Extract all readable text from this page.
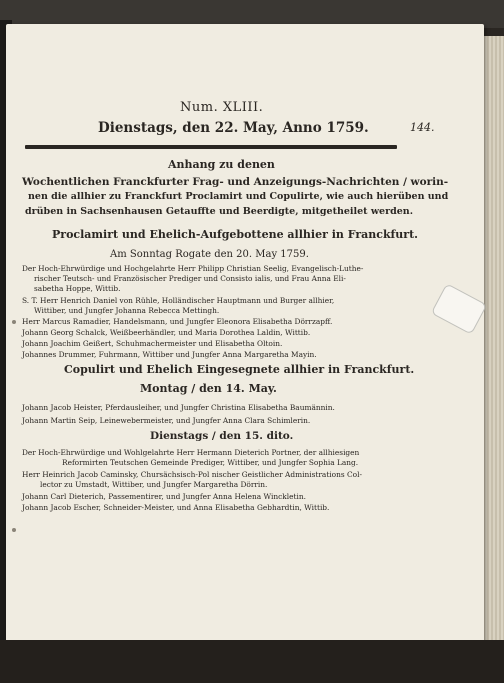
Num. XLIII.
Dienstags, den 22. May, Anno 1759.	144.
Anhang zu denen
Wochentlichen Franckfurter Frag- und Anzeigungs-Nachrichten / worin-
nen die allhier zu Franckfurt Proclamirt und Copulirte, wie auch hierüben und
drüben in Sachsenhausen Getauffte und Beerdigte, mitgetheilet werden.
Proclamirt und Ehelich-Aufgebottene allhier in Franckfurt.
Am Sonntag Rogate den 20. May 1759.
Der Hoch-Ehrwürdige und Hochgelahrte Herr Philipp Christian Seelig, Evangelisch-Luthe-
rischer Teutsch- und Französischer Prediger und Consisto ialis, und Frau Anna Eli-
sabetha Hoppe, Wittib.
S. T. Herr Henrich Daniel von Rühle, Holländischer Hauptmann und Burger allhier,
Wittiber, und Jungfer Johanna Rebecca Mettingh.
Herr Marcus Ramadier, Handelsmann, und Jungfer Eleonora Elisabetha Dörrzapff.
Johann Georg Schalck, Weißbeerhändler, und Maria Dorothea Laldin, Wittib.
Johann Joachim Geißert, Schuhmachermeister und Elisabetha Oltoin.
Johannes Drummer, Fuhrmann, Wittiber und Jungfer Anna Margaretha Mayin.
Copulirt und Ehelich Eingesegnete allhier in Franckfurt.
Montag / den 14. May.
Johann Jacob Heister, Pferdausleiher, und Jungfer Christina Elisabetha Baumännin.
Johann Martin Seip, Leinewebermeister, und Jungfer Anna Clara Schimlerin.
Dienstags / den 15. dito.
Der Hoch-Ehrwürdige und Wohlgelahrte Herr Hermann Dieterich Portner, der allhiesigen
Reformirten Teutschen Gemeinde Prediger, Wittiber, und Jungfer Sophia Lang.
Herr Heinrich Jacob Caminsky, Chursächsisch-Pol nischer Geistlicher Administrations Col-
lector zu Umstadt, Wittiber, und Jungfer Margaretha Dörrin.
Johann Carl Dieterich, Passementirer, und Jungfer Anna Helena Winckletin.
Johann Jacob Escher, Schneider-Meister, und Anna Elisabetha Gebhardtin, Wittib.
